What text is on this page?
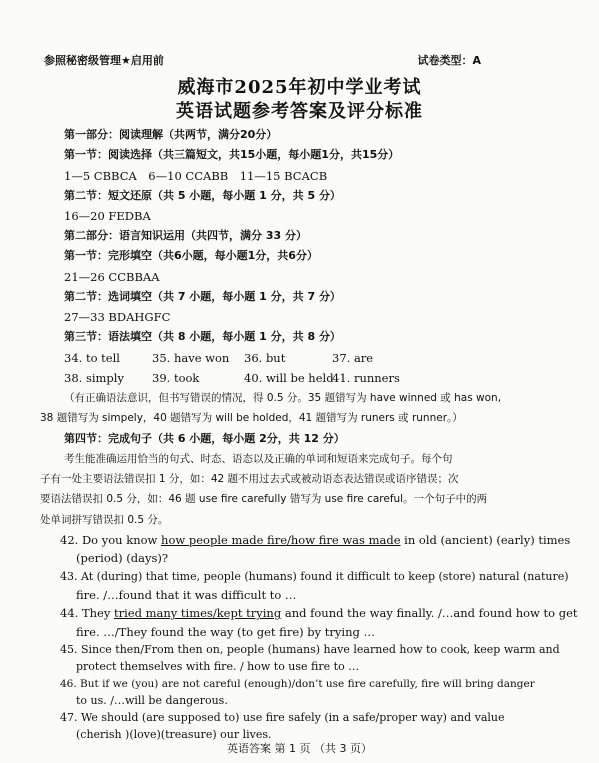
参照秘密级管理★启用前	试卷类型：A
威海市2025年初中学业考试
英语试题参考答案及评分标准
第一部分：阅读理解（共两节，满分20分）
第一节：阅读选择（共三篇短文，共15小题，每小题1分，共15分）
1—5 CBBCA　6—10 CCABB　11—15 BCACB
第二节：短文还原（共 5 小题，每小题 1 分，共 5 分）
16—20 FEDBA
第二部分：语言知识运用（共四节，满分 33 分）
第一节：完形填空（共6小题，每小题1分，共6分）
21—26 CCBBAA
第二节：选词填空（共 7 小题，每小题 1 分，共 7 分）
27—33 BDAHGFC
第三节：语法填空（共 8 小题，每小题 1 分，共 8 分）
34. to tell	35. have won 36. but	37. are
38. simply 39. took	40. will be held
41. runners
（有正确语法意识，但书写错误的情况，得 0.5 分。35 题错写为 have winned 或 has won,
38 题错写为 simpely，40 题错写为 will be holded，41 题错写为 runers 或 runner。）
第四节：完成句子（共 6 小题，每小题 2分，共 12 分）
考生能准确运用恰当的句式、时态、语态以及正确的单词和短语来完成句子。每个句
子有一处主要语法错误扣 1 分，如：42 题不用过去式或被动语态表达错误或语序错误；次
要语法错误扣 0.5 分，如：46 题 use fire carefully 错写为 use fire careful。一个句子中的两
处单词拼写错误扣 0.5 分。
42. Do you know how people made fire/how fire was made in old (ancient) (early) times
(period) (days)?
43. At (during) that time, people (humans) found it difficult to keep (store) natural (nature)
fire. /…found that it was difficult to …
44. They tried many times/kept trying and found the way finally. /…and found how to get
fire. …/They found the way (to get fire) by trying …
45. Since then/From then on, people (humans) have learned how to cook, keep warm and
protect themselves with fire. / how to use fire to …
46. But if we (you) are not careful (enough)/don’t use fire carefully, fire will bring danger
to us. /…will be dangerous.
47. We should (are supposed to) use fire safely (in a safe/proper way) and value
(cherish )(love)(treasure) our lives.
英语答案 第 1 页 （共 3 页）
